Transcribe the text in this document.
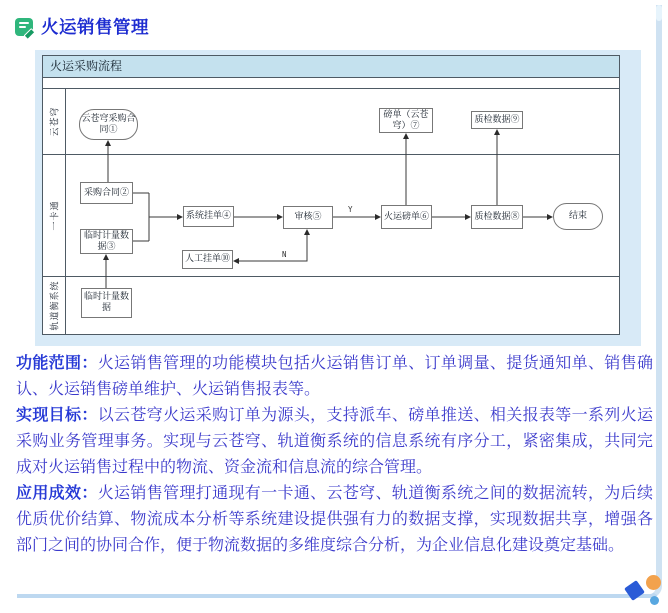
火运销售管理
火运采购流程
云苍穹
一卡通
轨道衡系统
云苍穹采购合同①
采购合同②
临时计量数据③
系统挂单④
人工挂单⑩
审核⑤	火运磅单⑥
磅单（云苍穹）⑦
质检数据⑧
质检数据⑨
临时计量数据
结束
Y
N

功能范围：火运销售管理的功能模块包括火运销售订单、订单调量、提货通知单、销售确认、火运销售磅单维护、火运销售报表等。

实现目标：以云苍穹火运采购订单为源头，支持派车、磅单推送、相关报表等一系列火运采购业务管理事务。实现与云苍穹、轨道衡系统的信息系统有序分工，紧密集成，共同完成对火运销售过程中的物流、资金流和信息流的综合管理。

应用成效：火运销售管理打通现有一卡通、云苍穹、轨道衡系统之间的数据流转，为后续优质优价结算、物流成本分析等系统建设提供强有力的数据支撑，实现数据共享，增强各部门之间的协同合作，便于物流数据的多维度综合分析，为企业信息化建设奠定基础。
